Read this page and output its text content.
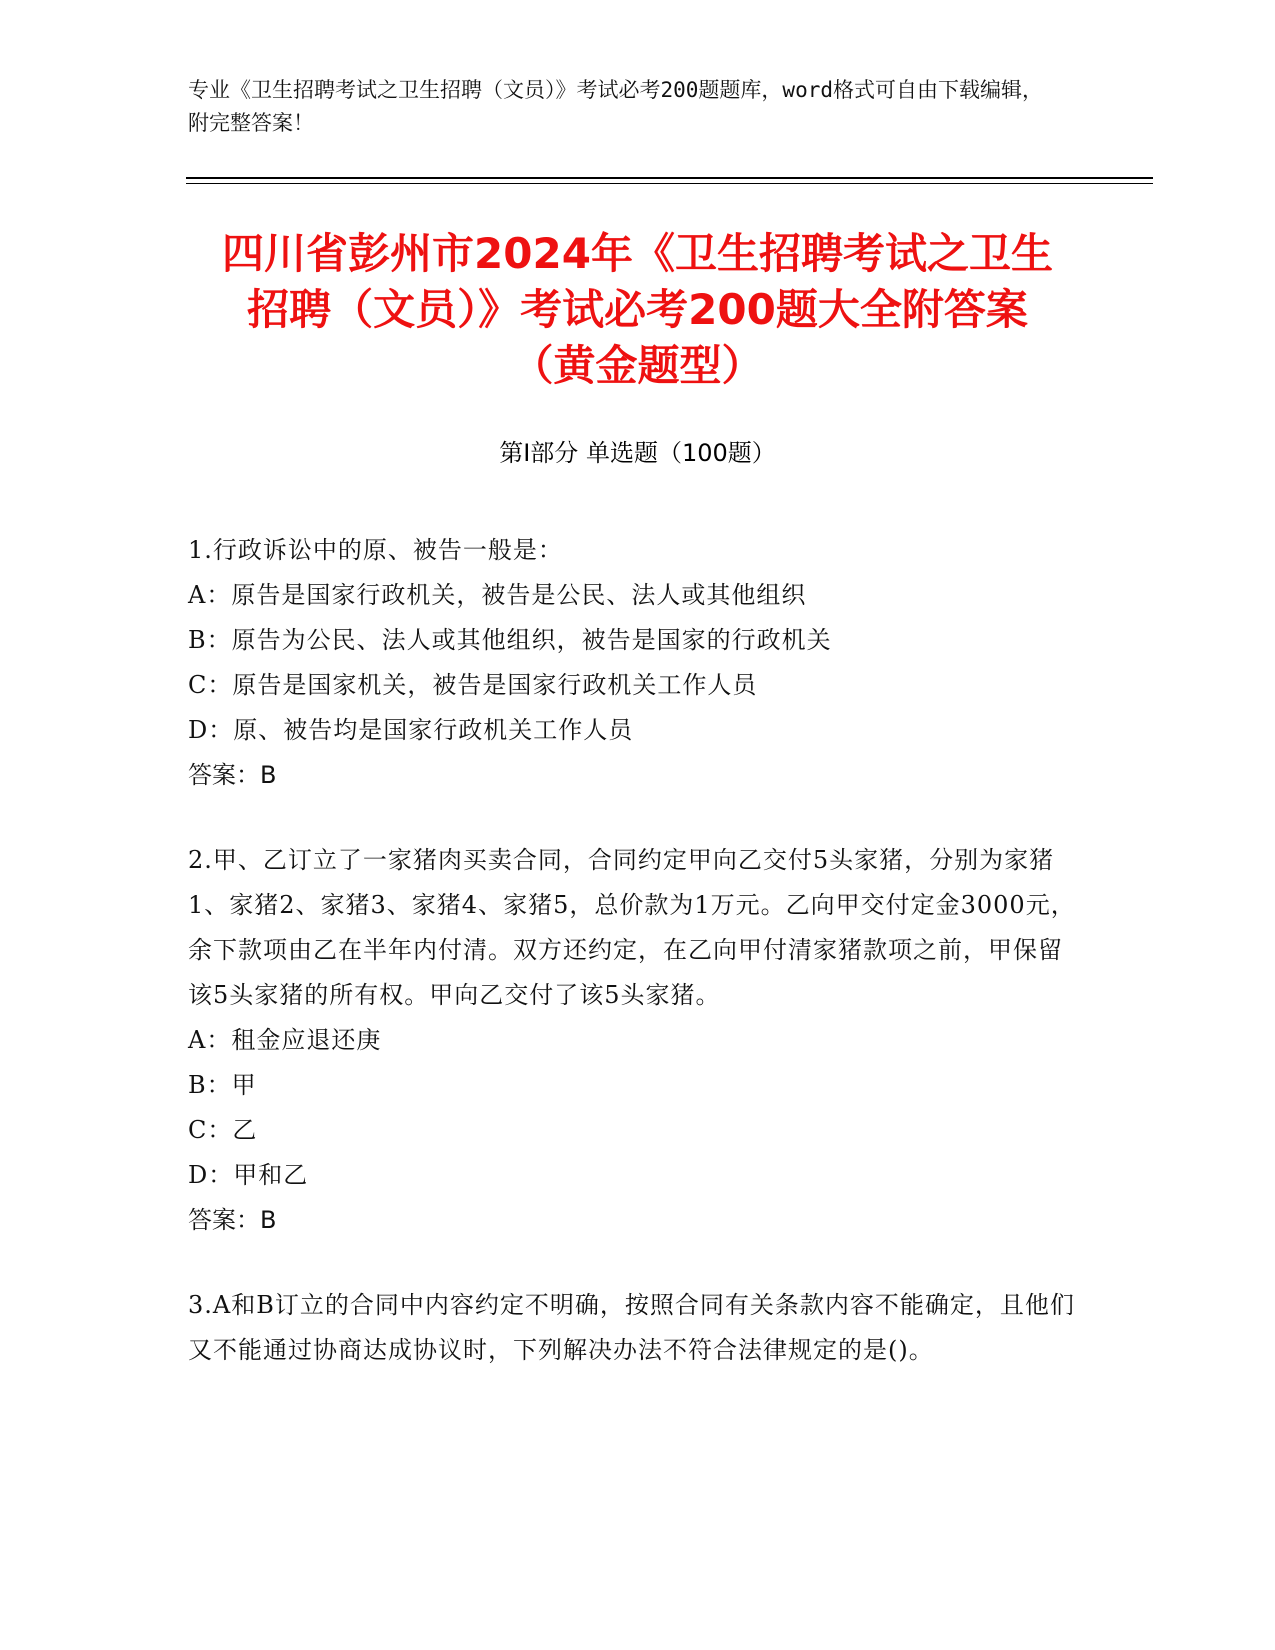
专业《卫生招聘考试之卫生招聘（文员）》考试必考200题题库，word格式可自由下载编辑，附完整答案！
四川省彭州市2024年《卫生招聘考试之卫生
招聘（文员）》考试必考200题大全附答案
（黄金题型）
第Ⅰ部分 单选题（100题）
1.行政诉讼中的原、被告一般是：
A：原告是国家行政机关，被告是公民、法人或其他组织
B：原告为公民、法人或其他组织，被告是国家的行政机关
C：原告是国家机关，被告是国家行政机关工作人员
D：原、被告均是国家行政机关工作人员
答案：B
2.甲、乙订立了一家猪肉买卖合同，合同约定甲向乙交付5头家猪，分别为家猪1、家猪2、家猪3、家猪4、家猪5，总价款为1万元。乙向甲交付定金3000元，余下款项由乙在半年内付清。双方还约定，在乙向甲付清家猪款项之前，甲保留该5头家猪的所有权。甲向乙交付了该5头家猪。
A：租金应退还庚
B：甲
C：乙
D：甲和乙
答案：B
3.A和B订立的合同中内容约定不明确，按照合同有关条款内容不能确定，且他们又不能通过协商达成协议时，下列解决办法不符合法律规定的是()。
